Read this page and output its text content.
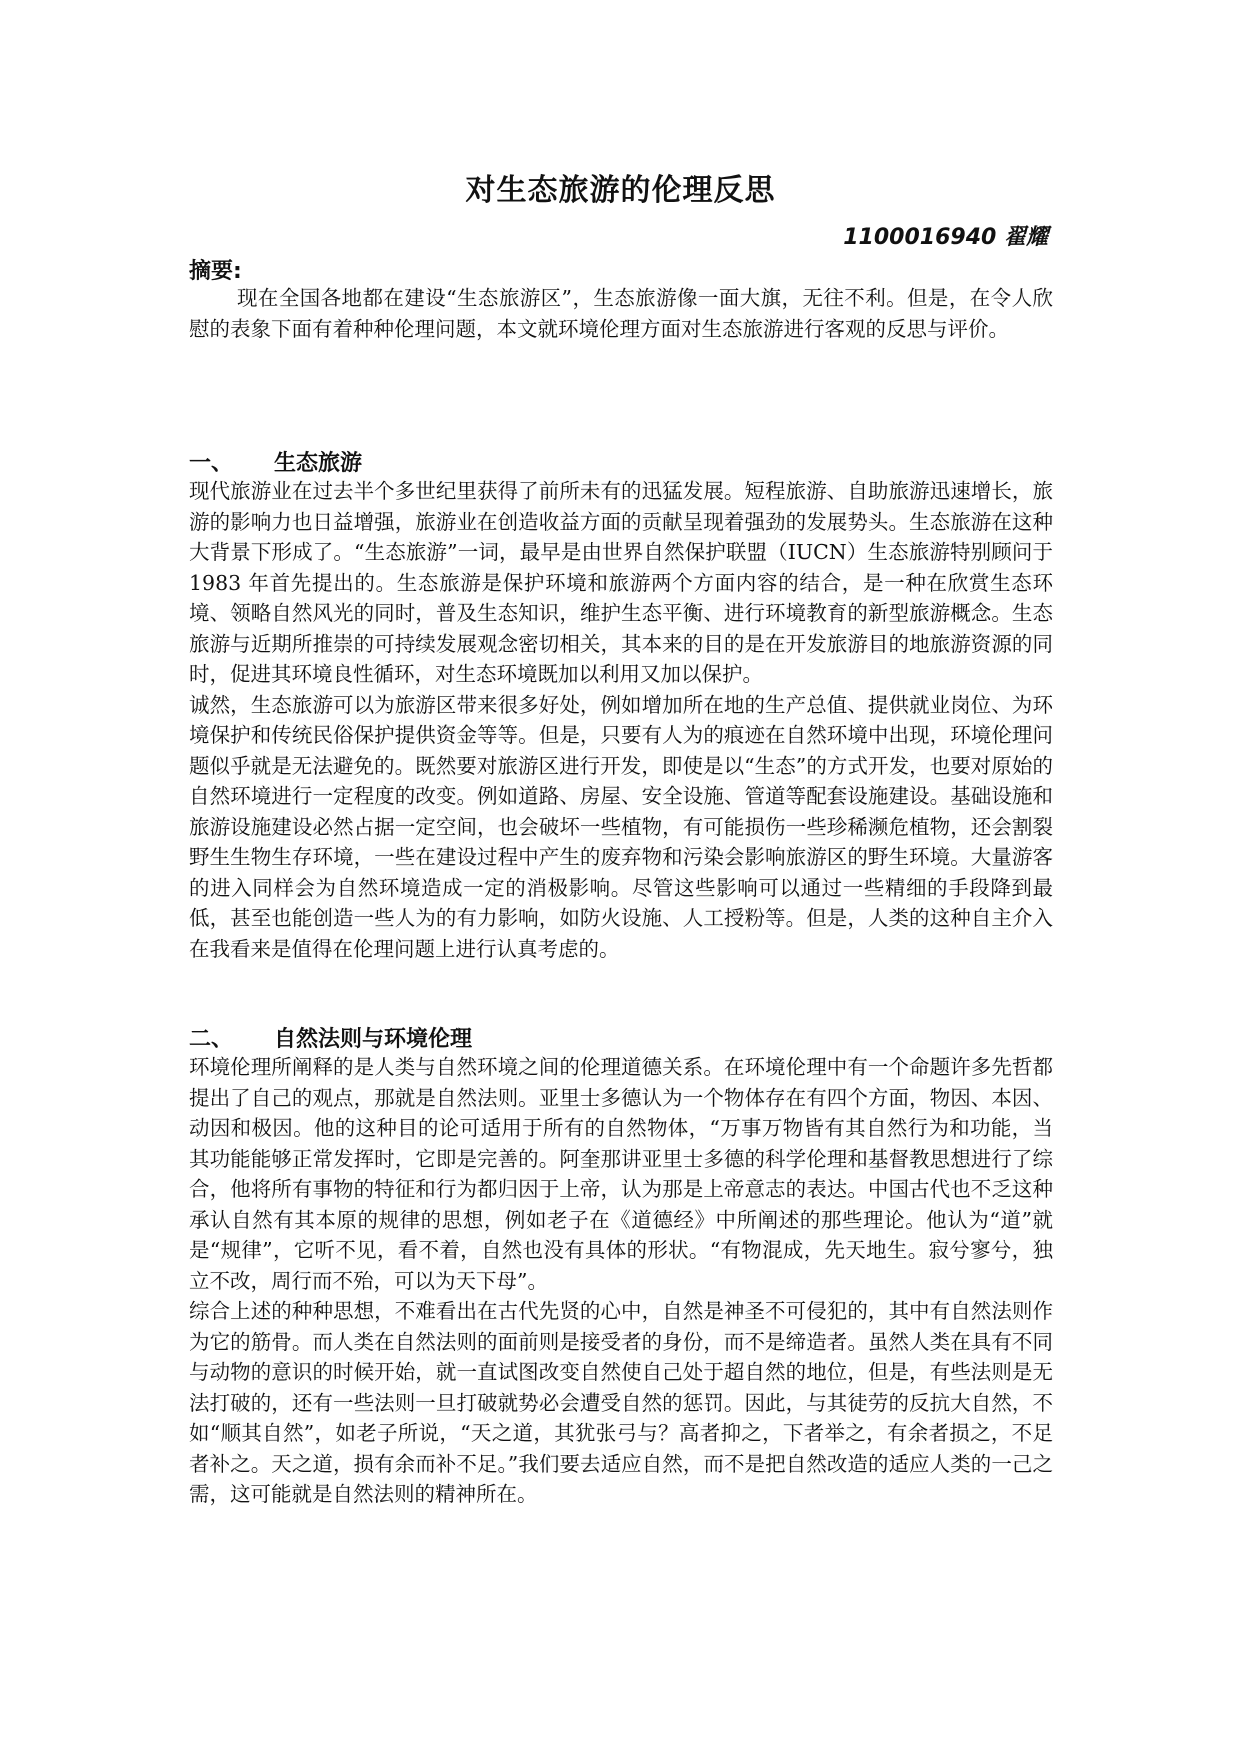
对生态旅游的伦理反思
1100016940 翟耀
摘要:

现在全国各地都在建设“生态旅游区”，生态旅游像一面大旗，无往不利。但是，在令人欣慰的表象下面有着种种伦理问题，本文就环境伦理方面对生态旅游进行客观的反思与评价。

一、 生态旅游

现代旅游业在过去半个多世纪里获得了前所未有的迅猛发展。短程旅游、自助旅游迅速增长，旅游的影响力也日益增强，旅游业在创造收益方面的贡献呈现着强劲的发展势头。生态旅游在这种大背景下形成了。“生态旅游”一词，最早是由世界自然保护联盟（IUCN）生态旅游特别顾问于 1983 年首先提出的。生态旅游是保护环境和旅游两个方面内容的结合，是一种在欣赏生态环境、领略自然风光的同时，普及生态知识，维护生态平衡、进行环境教育的新型旅游概念。生态旅游与近期所推崇的可持续发展观念密切相关，其本来的目的是在开发旅游目的地旅游资源的同时，促进其环境良性循环，对生态环境既加以利用又加以保护。

诚然，生态旅游可以为旅游区带来很多好处，例如增加所在地的生产总值、提供就业岗位、为环境保护和传统民俗保护提供资金等等。但是，只要有人为的痕迹在自然环境中出现，环境伦理问题似乎就是无法避免的。既然要对旅游区进行开发，即使是以“生态”的方式开发，也要对原始的自然环境进行一定程度的改变。例如道路、房屋、安全设施、管道等配套设施建设。基础设施和旅游设施建设必然占据一定空间，也会破坏一些植物，有可能损伤一些珍稀濒危植物，还会割裂野生生物生存环境，一些在建设过程中产生的废弃物和污染会影响旅游区的野生环境。大量游客的进入同样会为自然环境造成一定的消极影响。尽管这些影响可以通过一些精细的手段降到最低，甚至也能创造一些人为的有力影响，如防火设施、人工授粉等。但是，人类的这种自主介入在我看来是值得在伦理问题上进行认真考虑的。

二、 自然法则与环境伦理

环境伦理所阐释的是人类与自然环境之间的伦理道德关系。在环境伦理中有一个命题许多先哲都提出了自己的观点，那就是自然法则。亚里士多德认为一个物体存在有四个方面，物因、本因、动因和极因。他的这种目的论可适用于所有的自然物体，“万事万物皆有其自然行为和功能，当其功能能够正常发挥时，它即是完善的。阿奎那讲亚里士多德的科学伦理和基督教思想进行了综合，他将所有事物的特征和行为都归因于上帝，认为那是上帝意志的表达。中国古代也不乏这种承认自然有其本原的规律的思想，例如老子在《道德经》中所阐述的那些理论。他认为“道”就是“规律”，它听不见，看不着，自然也没有具体的形状。“有物混成，先天地生。寂兮寥兮，独立不改，周行而不殆，可以为天下母”。

综合上述的种种思想，不难看出在古代先贤的心中，自然是神圣不可侵犯的，其中有自然法则作为它的筋骨。而人类在自然法则的面前则是接受者的身份，而不是缔造者。虽然人类在具有不同与动物的意识的时候开始，就一直试图改变自然使自己处于超自然的地位，但是，有些法则是无法打破的，还有一些法则一旦打破就势必会遭受自然的惩罚。因此，与其徒劳的反抗大自然，不如“顺其自然”，如老子所说，“天之道，其犹张弓与？高者抑之，下者举之，有余者损之，不足者补之。天之道，损有余而补不足。”我们要去适应自然，而不是把自然改造的适应人类的一己之需，这可能就是自然法则的精神所在。
